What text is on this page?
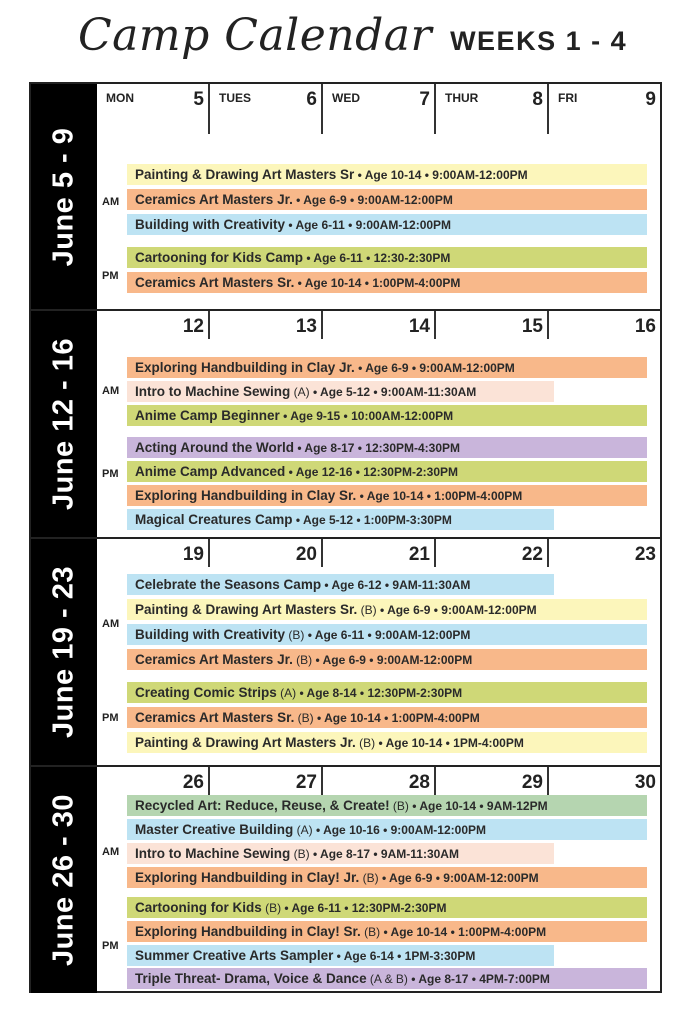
Camp Calendar WEEKS 1 - 4
June 5 - 9
MON	5 TUES	6 WED	7 THUR	8 FRI	9
AM
PM
Painting & Drawing Art Masters Sr • Age 10-14 • 9:00AM-12:00PM
Ceramics Art Masters Jr. • Age 6-9 • 9:00AM-12:00PM
Building with Creativity • Age 6-11 • 9:00AM-12:00PM
Cartooning for Kids Camp • Age 6-11 • 12:30-2:30PM
Ceramics Art Masters Sr. • Age 10-14 • 1:00PM-4:00PM
June 12 - 16
12	13	14	15	16
AM
PM
Exploring Handbuilding in Clay Jr. • Age 6-9 • 9:00AM-12:00PM
Intro to Machine Sewing (A) • Age 5-12 • 9:00AM-11:30AM
Anime Camp Beginner • Age 9-15 • 10:00AM-12:00PM
Acting Around the World • Age 8-17 • 12:30PM-4:30PM
Anime Camp Advanced • Age 12-16 • 12:30PM-2:30PM
Exploring Handbuilding in Clay Sr. • Age 10-14 • 1:00PM-4:00PM
Magical Creatures Camp • Age 5-12 • 1:00PM-3:30PM
June 19 - 23
19	20	21	22	23
AM
PM
Celebrate the Seasons Camp • Age 6-12 • 9AM-11:30AM
Painting & Drawing Art Masters Sr. (B) • Age 6-9 • 9:00AM-12:00PM
Building with Creativity (B) • Age 6-11 • 9:00AM-12:00PM
Ceramics Art Masters Jr. (B) • Age 6-9 • 9:00AM-12:00PM
Creating Comic Strips (A) • Age 8-14 • 12:30PM-2:30PM
Ceramics Art Masters Sr. (B) • Age 10-14 • 1:00PM-4:00PM
Painting & Drawing Art Masters Jr. (B) • Age 10-14 • 1PM-4:00PM
June 26 - 30
26	27	28	29	30
AM
PM
Recycled Art: Reduce, Reuse, & Create! (B) • Age 10-14 • 9AM-12PM
Master Creative Building (A) • Age 10-16 • 9:00AM-12:00PM
Intro to Machine Sewing (B) • Age 8-17 • 9AM-11:30AM
Exploring Handbuilding in Clay! Jr. (B) • Age 6-9 • 9:00AM-12:00PM
Cartooning for Kids (B) • Age 6-11 • 12:30PM-2:30PM
Exploring Handbuilding in Clay! Sr. (B) • Age 10-14 • 1:00PM-4:00PM
Summer Creative Arts Sampler • Age 6-14 • 1PM-3:30PM
Triple Threat- Drama, Voice & Dance (A & B) • Age 8-17 • 4PM-7:00PM
